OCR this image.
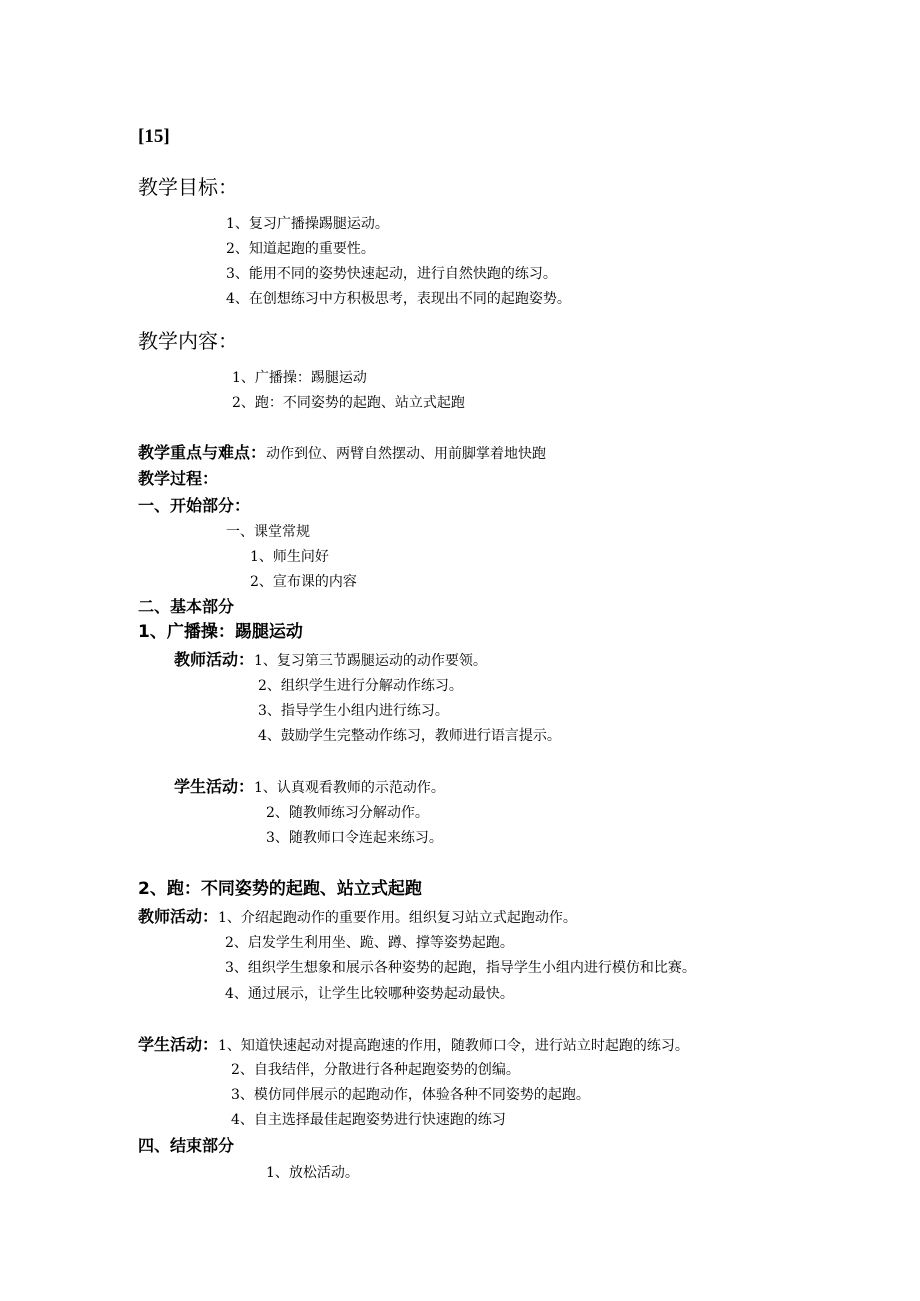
[15]
教学目标：
1、复习广播操踢腿运动。
2、知道起跑的重要性。
3、能用不同的姿势快速起动，进行自然快跑的练习。
4、在创想练习中方积极思考，表现出不同的起跑姿势。
教学内容：
1、广播操：踢腿运动
2、跑：不同姿势的起跑、站立式起跑
教学重点与难点：动作到位、两臂自然摆动、用前脚掌着地快跑
教学过程：
一、开始部分：
一、课堂常规
1、师生问好
2、宣布课的内容
二、基本部分
1、广播操：踢腿运动
教师活动：1、复习第三节踢腿运动的动作要领。
2、组织学生进行分解动作练习。
3、指导学生小组内进行练习。
4、鼓励学生完整动作练习，教师进行语言提示。
学生活动：1、认真观看教师的示范动作。
2、随教师练习分解动作。
3、随教师口令连起来练习。
2、跑：不同姿势的起跑、站立式起跑
教师活动：1、介绍起跑动作的重要作用。组织复习站立式起跑动作。
2、启发学生利用坐、跪、蹲、撑等姿势起跑。
3、组织学生想象和展示各种姿势的起跑，指导学生小组内进行模仿和比赛。
4、通过展示，让学生比较哪种姿势起动最快。
学生活动：1、知道快速起动对提高跑速的作用，随教师口令，进行站立时起跑的练习。
2、自我结伴，分散进行各种起跑姿势的创编。
3、模仿同伴展示的起跑动作，体验各种不同姿势的起跑。
4、自主选择最佳起跑姿势进行快速跑的练习
四、结束部分
1、放松活动。
